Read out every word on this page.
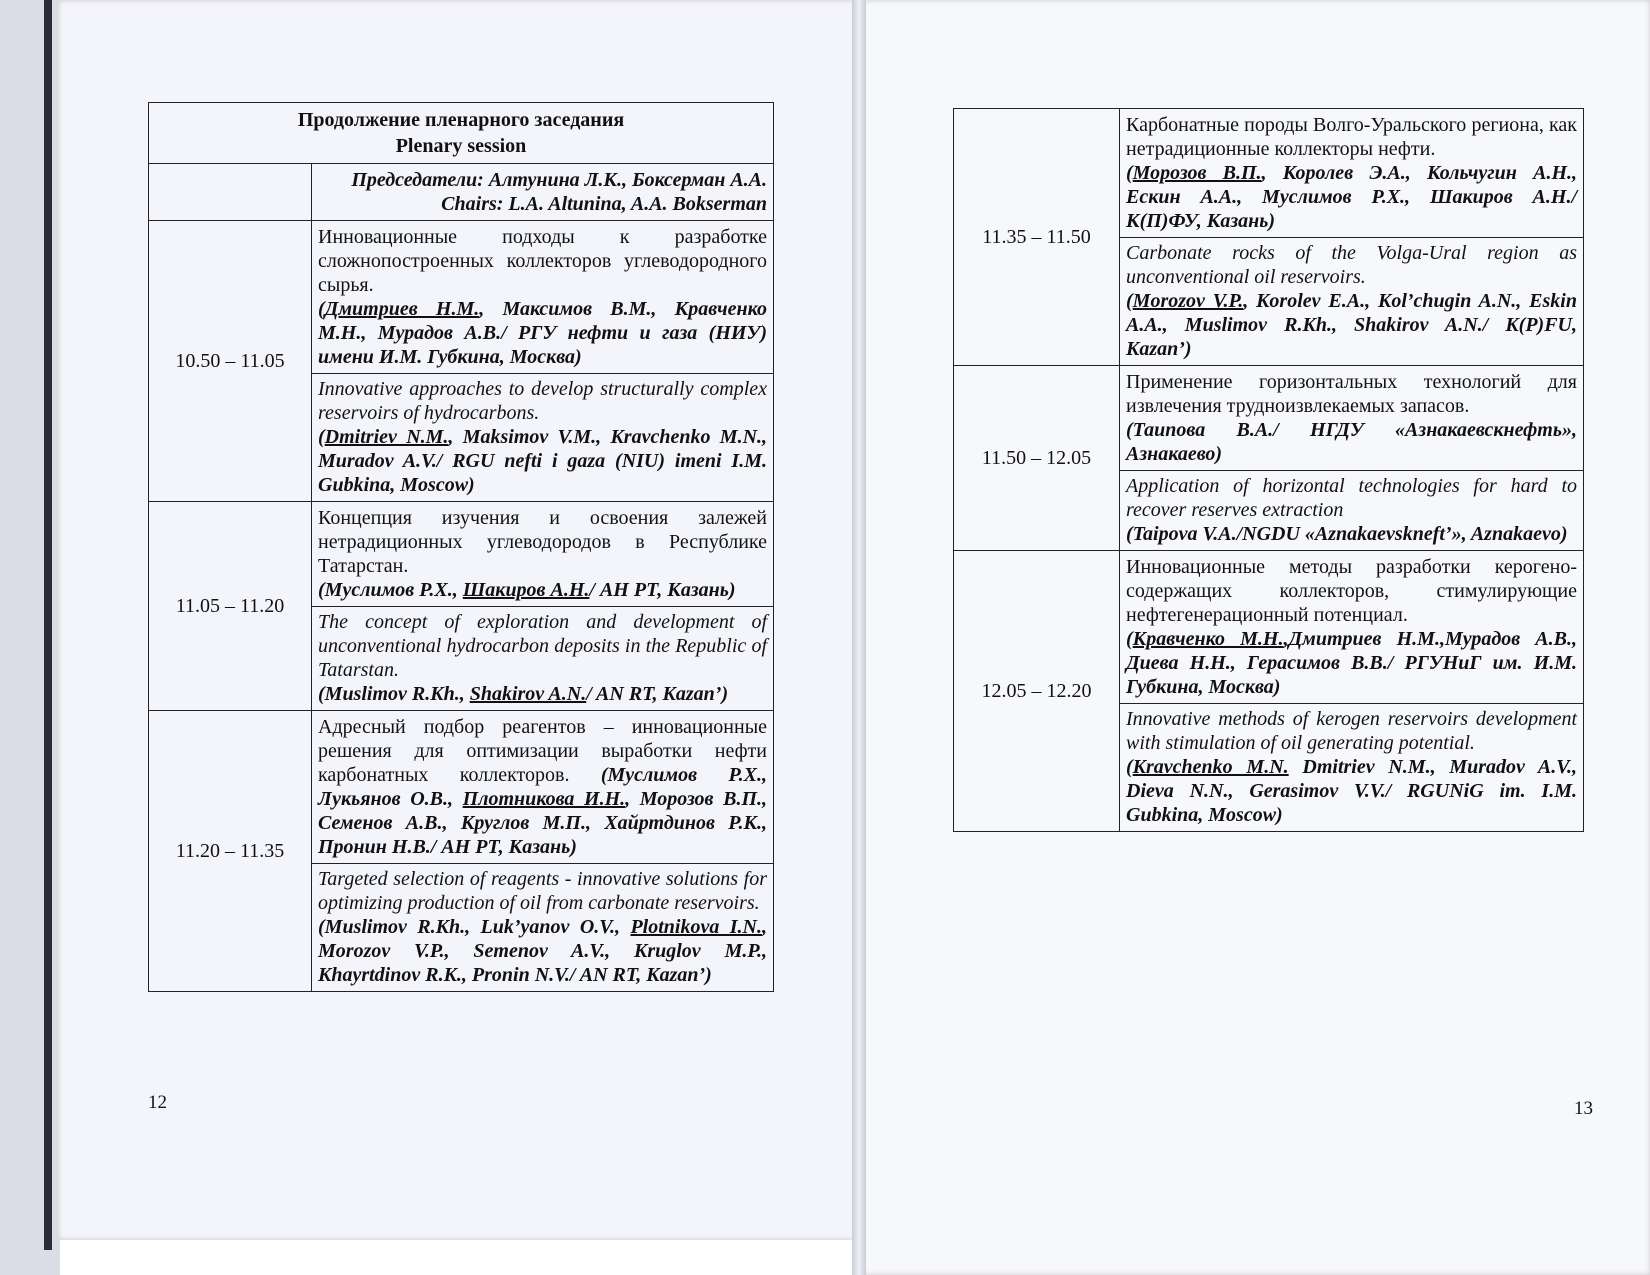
Продолжение пленарного заседания
Plenary session	

	Председатели: Алтунина Л.К., Боксерман А.А.
Chairs: L.A. Altunina, A.A. Bokserman

10.50 – 11.05	Инновационные подходы к разработке сложнопостроенных коллекторов углеводородного сырья.
(Дмитриев Н.М., Максимов В.М., Кравченко М.Н., Мурадов А.В./ РГУ нефти и газа (НИУ) имени И.М. Губкина, Москва)
Innovative approaches to develop structurally complex reservoirs of hydrocarbons.
(Dmitriev N.M., Maksimov V.M., Kravchenko M.N., Muradov A.V./ RGU nefti i gaza (NIU) imeni I.M. Gubkina, Moscow)

11.05 – 11.20	Концепция изучения и освоения залежей нетрадиционных углеводородов в Республике Татарстан.
(Муслимов Р.Х., Шакиров А.Н./ АН РТ, Казань)
The concept of exploration and development of unconventional hydrocarbon deposits in the Republic of Tatarstan.
(Muslimov R.Kh., Shakirov A.N./ AN RT, Kazan’)

11.20 – 11.35	Адресный подбор реагентов – инновационные решения для оптимизации выработки нефти карбонатных коллекторов. (Муслимов Р.Х., Лукьянов О.В., Плотникова И.Н., Морозов В.П., Семенов А.В., Круглов М.П., Хайртдинов Р.К., Пронин Н.В./ АН РТ, Казань)
Targeted selection of reagents - innovative solutions for optimizing production of oil from carbonate reservoirs.
(Muslimov R.Kh., Luk’yanov O.V., Plotnikova I.N., Morozov V.P., Semenov A.V., Kruglov M.P., Khayrtdinov R.K., Pronin N.V./ AN RT, Kazan’)
12
11.35 – 11.50	Карбонатные породы Волго-Уральского региона, как нетрадиционные коллекторы нефти.
(Морозов В.П., Королев Э.А., Кольчугин А.Н., Ескин А.А., Муслимов Р.Х., Шакиров А.Н./ К(П)ФУ, Казань)
Carbonate rocks of the Volga-Ural region as unconventional oil reservoirs.
(Morozov V.P., Korolev E.A., Kol’chugin A.N., Eskin A.A., Muslimov R.Kh., Shakirov A.N./ K(P)FU, Kazan’)

11.50 – 12.05	Применение горизонтальных технологий для извлечения трудноизвлекаемых запасов.
(Таипова В.А./ НГДУ «Азнакаевскнефть», Азнакаево)
Application of horizontal technologies for hard to recover reserves extraction
(Taipova V.A./NGDU «Aznakaevskneft’», Aznakaevo)

12.05 – 12.20	Инновационные методы разработки керогено-содержащих коллекторов, стимулирующие нефтегенерационный потенциал.
(Кравченко М.Н.,Дмитриев Н.М.,Мурадов А.В., Диева Н.Н., Герасимов В.В./ РГУНиГ им. И.М. Губкина, Москва)
Innovative methods of kerogen reservoirs development with stimulation of oil generating potential.
(Kravchenko M.N. Dmitriev N.M., Muradov A.V., Dieva N.N., Gerasimov V.V./ RGUNiG im. I.M. Gubkina, Moscow)
13
